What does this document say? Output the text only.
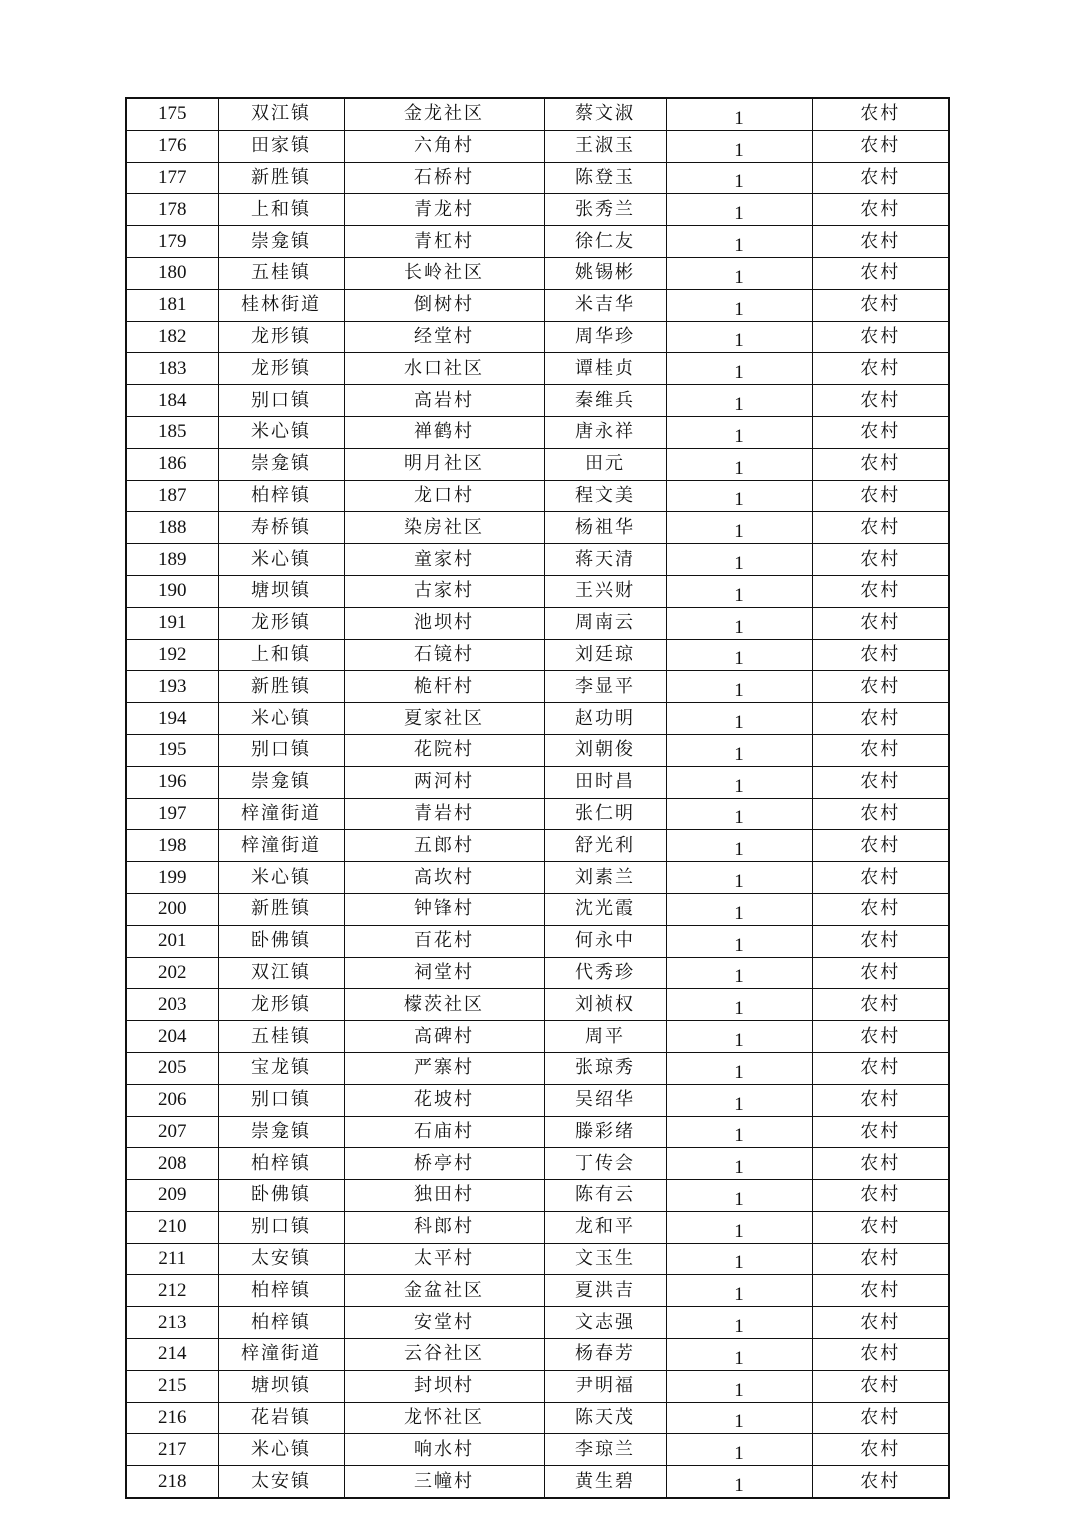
175	双江镇	金龙社区	蔡文淑	1	农村
176	田家镇	六角村	王淑玉	1	农村
177	新胜镇	石桥村	陈登玉	1	农村
178	上和镇	青龙村	张秀兰	1	农村
179	崇龛镇	青杠村	徐仁友	1	农村
180	五桂镇	长岭社区	姚锡彬	1	农村
181	桂林街道	倒树村	米吉华	1	农村
182	龙形镇	经堂村	周华珍	1	农村
183	龙形镇	水口社区	谭桂贞	1	农村
184	别口镇	高岩村	秦维兵	1	农村
185	米心镇	禅鹤村	唐永祥	1	农村
186	崇龛镇	明月社区	田元	1	农村
187	柏梓镇	龙口村	程文美	1	农村
188	寿桥镇	染房社区	杨祖华	1	农村
189	米心镇	童家村	蒋天清	1	农村
190	塘坝镇	古家村	王兴财	1	农村
191	龙形镇	池坝村	周南云	1	农村
192	上和镇	石镜村	刘廷琼	1	农村
193	新胜镇	桅杆村	李显平	1	农村
194	米心镇	夏家社区	赵功明	1	农村
195	别口镇	花院村	刘朝俊	1	农村
196	崇龛镇	两河村	田时昌	1	农村
197	梓潼街道	青岩村	张仁明	1	农村
198	梓潼街道	五郎村	舒光利	1	农村
199	米心镇	高坎村	刘素兰	1	农村
200	新胜镇	钟锋村	沈光霞	1	农村
201	卧佛镇	百花村	何永中	1	农村
202	双江镇	祠堂村	代秀珍	1	农村
203	龙形镇	檬茨社区	刘祯权	1	农村
204	五桂镇	高碑村	周平	1	农村
205	宝龙镇	严寨村	张琼秀	1	农村
206	别口镇	花坡村	吴绍华	1	农村
207	崇龛镇	石庙村	滕彩绪	1	农村
208	柏梓镇	桥亭村	丁传会	1	农村
209	卧佛镇	独田村	陈有云	1	农村
210	别口镇	科郎村	龙和平	1	农村
211	太安镇	太平村	文玉生	1	农村
212	柏梓镇	金盆社区	夏洪吉	1	农村
213	柏梓镇	安堂村	文志强	1	农村
214	梓潼街道	云谷社区	杨春芳	1	农村
215	塘坝镇	封坝村	尹明福	1	农村
216	花岩镇	龙怀社区	陈天茂	1	农村
217	米心镇	响水村	李琼兰	1	农村
218	太安镇	三幢村	黄生碧	1	农村
